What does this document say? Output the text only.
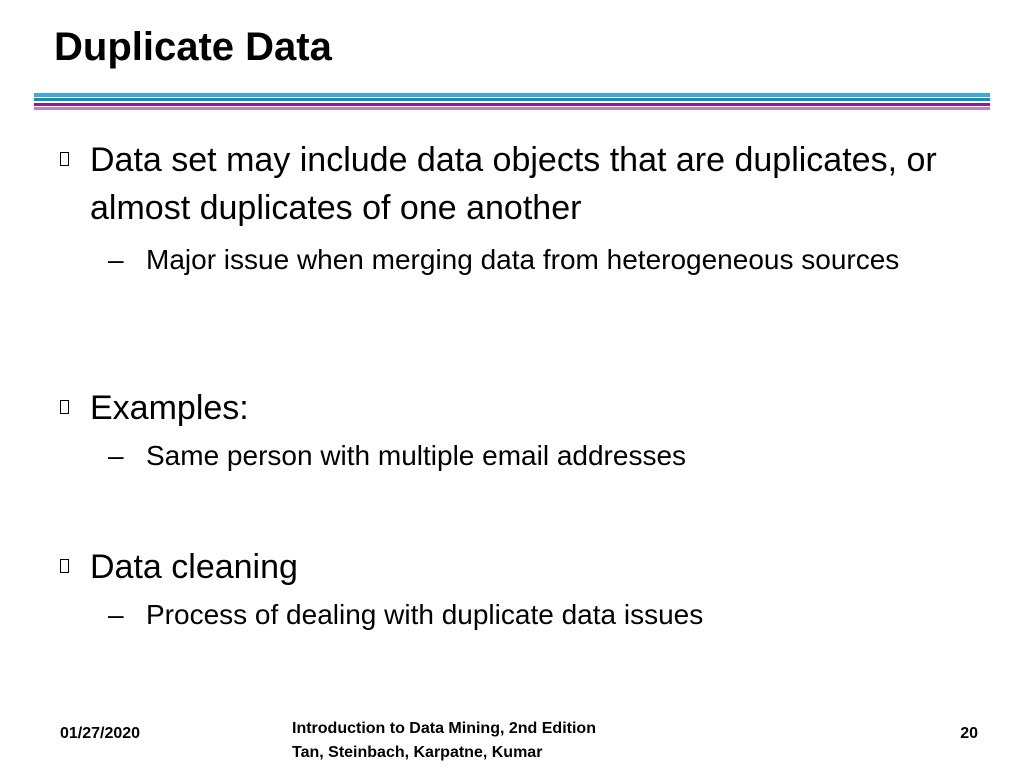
Duplicate Data
Data set may include data objects that are duplicates, or almost duplicates of one another
– Major issue when merging data from heterogeneous sources
Examples:
– Same person with multiple email addresses
Data cleaning
– Process of dealing with duplicate data issues
01/27/2020	Introduction to Data Mining, 2nd Edition
Tan, Steinbach, Karpatne, Kumar
20
